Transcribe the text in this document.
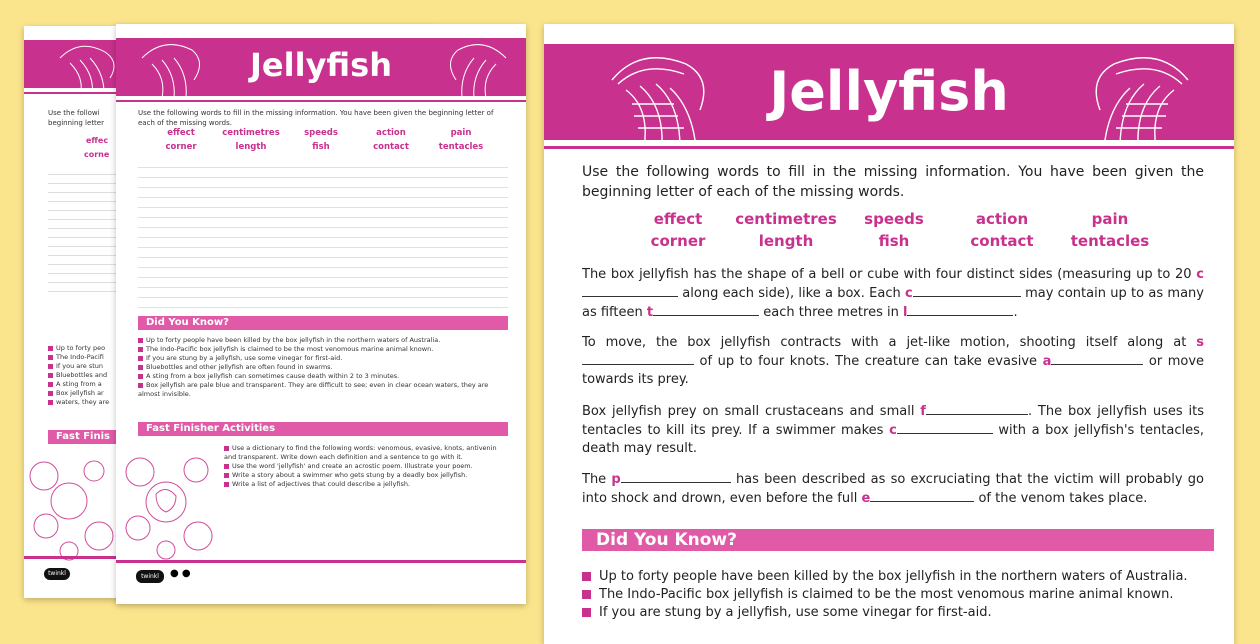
Use the followi
beginning letter
effec
corne
Up to forty peo
The Indo-Pacifi
If you are stun
Bluebottles and
A sting from a
Box jellyfish ar
waters, they are
Fast Finis
twinkl
Jellyfish
Use the following words to fill in the missing information. You have been given the beginning letter of each of the missing words.
effect	centimetres	speeds	action	pain
corner	length	fish	contact	tentacles
Did You Know?
Up to forty people have been killed by the box jellyfish in the northern waters of Australia.
The Indo-Pacific box jellyfish is claimed to be the most venomous marine animal known.
If you are stung by a jellyfish, use some vinegar for first-aid.
Bluebottles and other jellyfish are often found in swarms.
A sting from a box jellyfish can sometimes cause death within 2 to 3 minutes.
Box jellyfish are pale blue and transparent. They are difficult to see; even in clear ocean waters, they are almost invisible.
Fast Finisher Activities
Use a dictionary to find the following words: venomous, evasive, knots, antivenin and transparent. Write down each definition and a sentence to go with it.
Use the word 'jellyfish' and create an acrostic poem. Illustrate your poem.
Write a story about a swimmer who gets stung by a deadly box jellyfish.
Write a list of adjectives that could describe a jellyfish.
twinkl	● ●
Jellyfish
Use the following words to fill in the missing information. You have been given the beginning letter of each of the missing words.
effect	centimetres	speeds	action	pain
corner	length	fish	contact	tentacles
The box jellyfish has the shape of a bell or cube with four distinct sides (measuring up to 20 c along each side), like a box. Each c	may contain up to as many as fifteen t	each three metres in l	.
To move, the box jellyfish contracts with a jet-like motion, shooting itself along at s of up to four knots. The creature can take evasive a	or move towards its prey.
Box jellyfish prey on small crustaceans and small f	. The box jellyfish uses its tentacles to kill its prey. If a swimmer makes c	with a box jellyfish's tentacles, death may result.
The p	has been described as so excruciating that the victim will probably go into shock and drown, even before the full e	of the venom takes place.
Did You Know?
Up to forty people have been killed by the box jellyfish in the northern waters of Australia.
The Indo-Pacific box jellyfish is claimed to be the most venomous marine animal known.
If you are stung by a jellyfish, use some vinegar for first-aid.
